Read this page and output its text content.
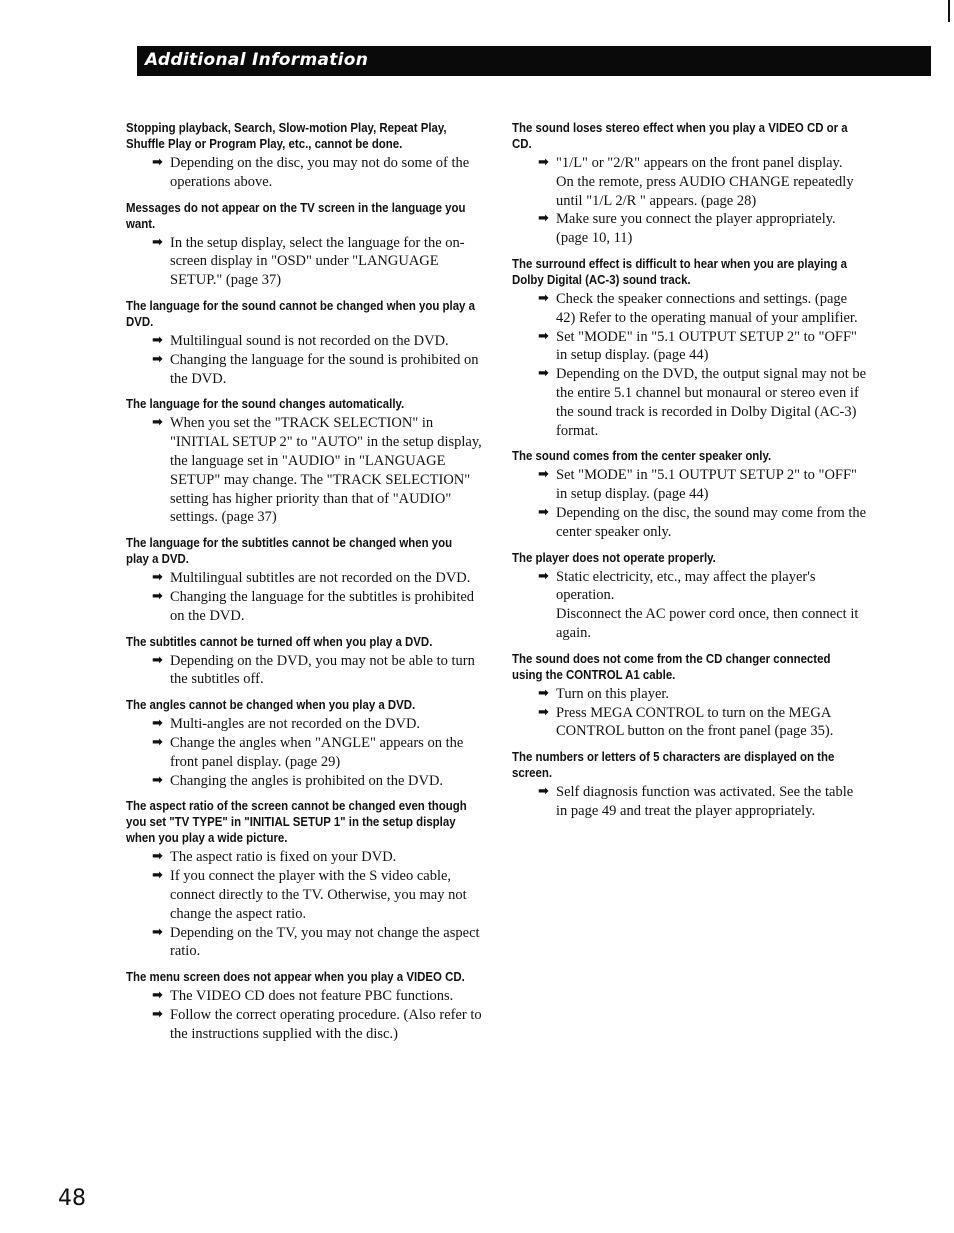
Additional Information
Stopping playback, Search, Slow-motion Play, Repeat Play, Shuffle Play or Program Play, etc., cannot be done.
➡ Depending on the disc, you may not do some of the operations above.
Messages do not appear on the TV screen in the language you want.
➡ In the setup display, select the language for the on-screen display in "OSD" under "LANGUAGE SETUP." (page 37)
The language for the sound cannot be changed when you play a DVD.
➡ Multilingual sound is not recorded on the DVD.
➡ Changing the language for the sound is prohibited on the DVD.
The language for the sound changes automatically.
➡ When you set the "TRACK SELECTION" in "INITIAL SETUP 2" to "AUTO" in the setup display, the language set in "AUDIO" in "LANGUAGE SETUP" may change. The "TRACK SELECTION" setting has higher priority than that of "AUDIO" settings. (page 37)
The language for the subtitles cannot be changed when you play a DVD.
➡ Multilingual subtitles are not recorded on the DVD.
➡ Changing the language for the subtitles is prohibited on the DVD.
The subtitles cannot be turned off when you play a DVD.
➡ Depending on the DVD, you may not be able to turn the subtitles off.
The angles cannot be changed when you play a DVD.
➡ Multi-angles are not recorded on the DVD.
➡ Change the angles when "ANGLE" appears on the front panel display. (page 29)
➡ Changing the angles is prohibited on the DVD.
The aspect ratio of the screen cannot be changed even though you set "TV TYPE" in "INITIAL SETUP 1" in the setup display when you play a wide picture.
➡ The aspect ratio is fixed on your DVD.
➡ If you connect the player with the S video cable, connect directly to the TV. Otherwise, you may not change the aspect ratio.
➡ Depending on the TV, you may not change the aspect ratio.
The menu screen does not appear when you play a VIDEO CD.
➡ The VIDEO CD does not feature PBC functions.
➡ Follow the correct operating procedure. (Also refer to the instructions supplied with the disc.)
The sound loses stereo effect when you play a VIDEO CD or a CD.
➡ "1/L" or "2/R" appears on the front panel display.
On the remote, press AUDIO CHANGE repeatedly until "1/L 2/R " appears. (page 28)
➡ Make sure you connect the player appropriately. (page 10, 11)
The surround effect is difficult to hear when you are playing a Dolby Digital (AC-3) sound track.
➡ Check the speaker connections and settings. (page 42) Refer to the operating manual of your amplifier.
➡ Set "MODE" in "5.1 OUTPUT SETUP 2" to "OFF" in setup display. (page 44)
➡ Depending on the DVD, the output signal may not be the entire 5.1 channel but monaural or stereo even if the sound track is recorded in Dolby Digital (AC-3) format.
The sound comes from the center speaker only.
➡ Set "MODE" in "5.1 OUTPUT SETUP 2" to "OFF" in setup display. (page 44)
➡ Depending on the disc, the sound may come from the center speaker only.
The player does not operate properly.
➡ Static electricity, etc., may affect the player's operation.
Disconnect the AC power cord once, then connect it again.
The sound does not come from the CD changer connected using the CONTROL A1 cable.
➡ Turn on this player.
➡ Press MEGA CONTROL to turn on the MEGA CONTROL button on the front panel (page 35).
The numbers or letters of 5 characters are displayed on the screen.
➡ Self diagnosis function was activated. See the table in page 49 and treat the player appropriately.
48
